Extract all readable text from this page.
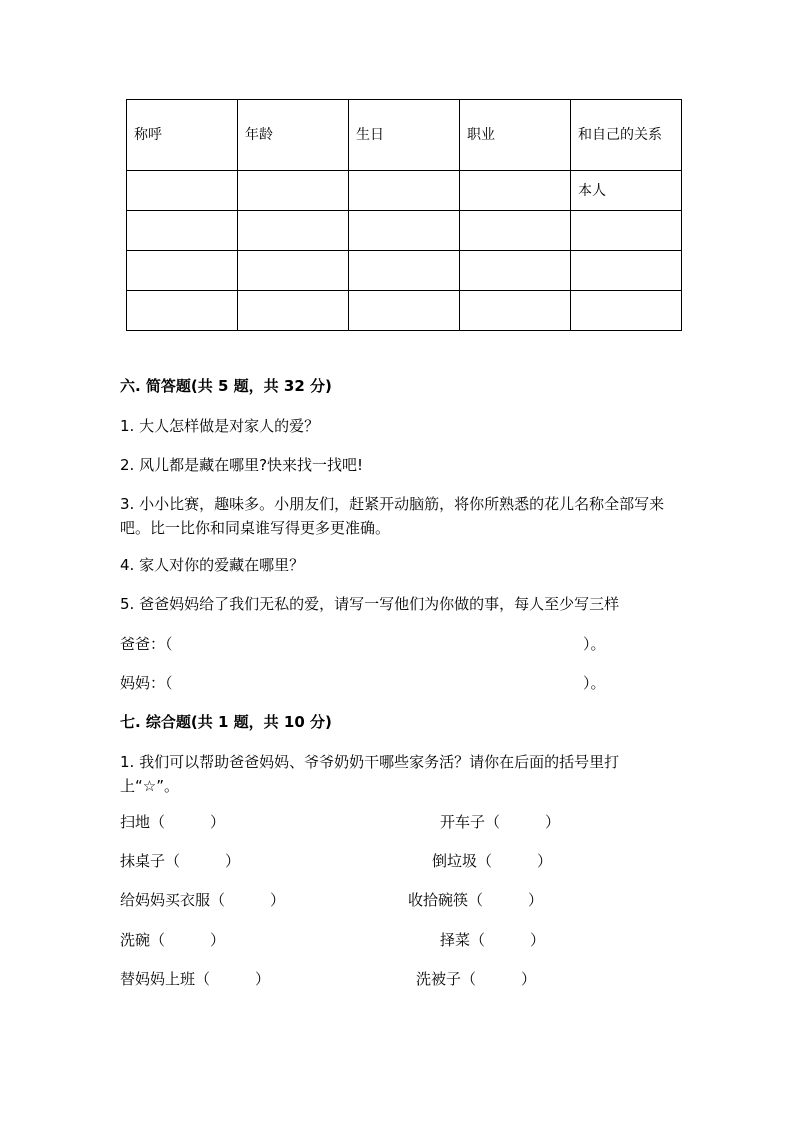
称呼	年龄	生日	职业	和自己的关系
				本人

六. 简答题(共 5 题，共 32 分)
1. 大人怎样做是对家人的爱？
2. 风儿都是藏在哪里?快来找一找吧!
3. 小小比赛，趣味多。小朋友们，赶紧开动脑筋，将你所熟悉的花儿名称全部写来吧。比一比你和同桌谁写得更多更准确。
4. 家人对你的爱藏在哪里？
5. 爸爸妈妈给了我们无私的爱，请写一写他们为你做的事，每人至少写三样
爸爸：（	）。
妈妈：（	）。
七. 综合题(共 1 题，共 10 分)
1. 我们可以帮助爸爸妈妈、爷爷奶奶干哪些家务活？请你在后面的括号里打上“☆”。
扫地（　　　）	开车子（　　　）
抹桌子（　　　）	倒垃圾（　　　）
给妈妈买衣服（　　　）	收拾碗筷（　　　）
洗碗（　　　）	择菜（　　　）
替妈妈上班（　　　）	洗被子（　　　）
